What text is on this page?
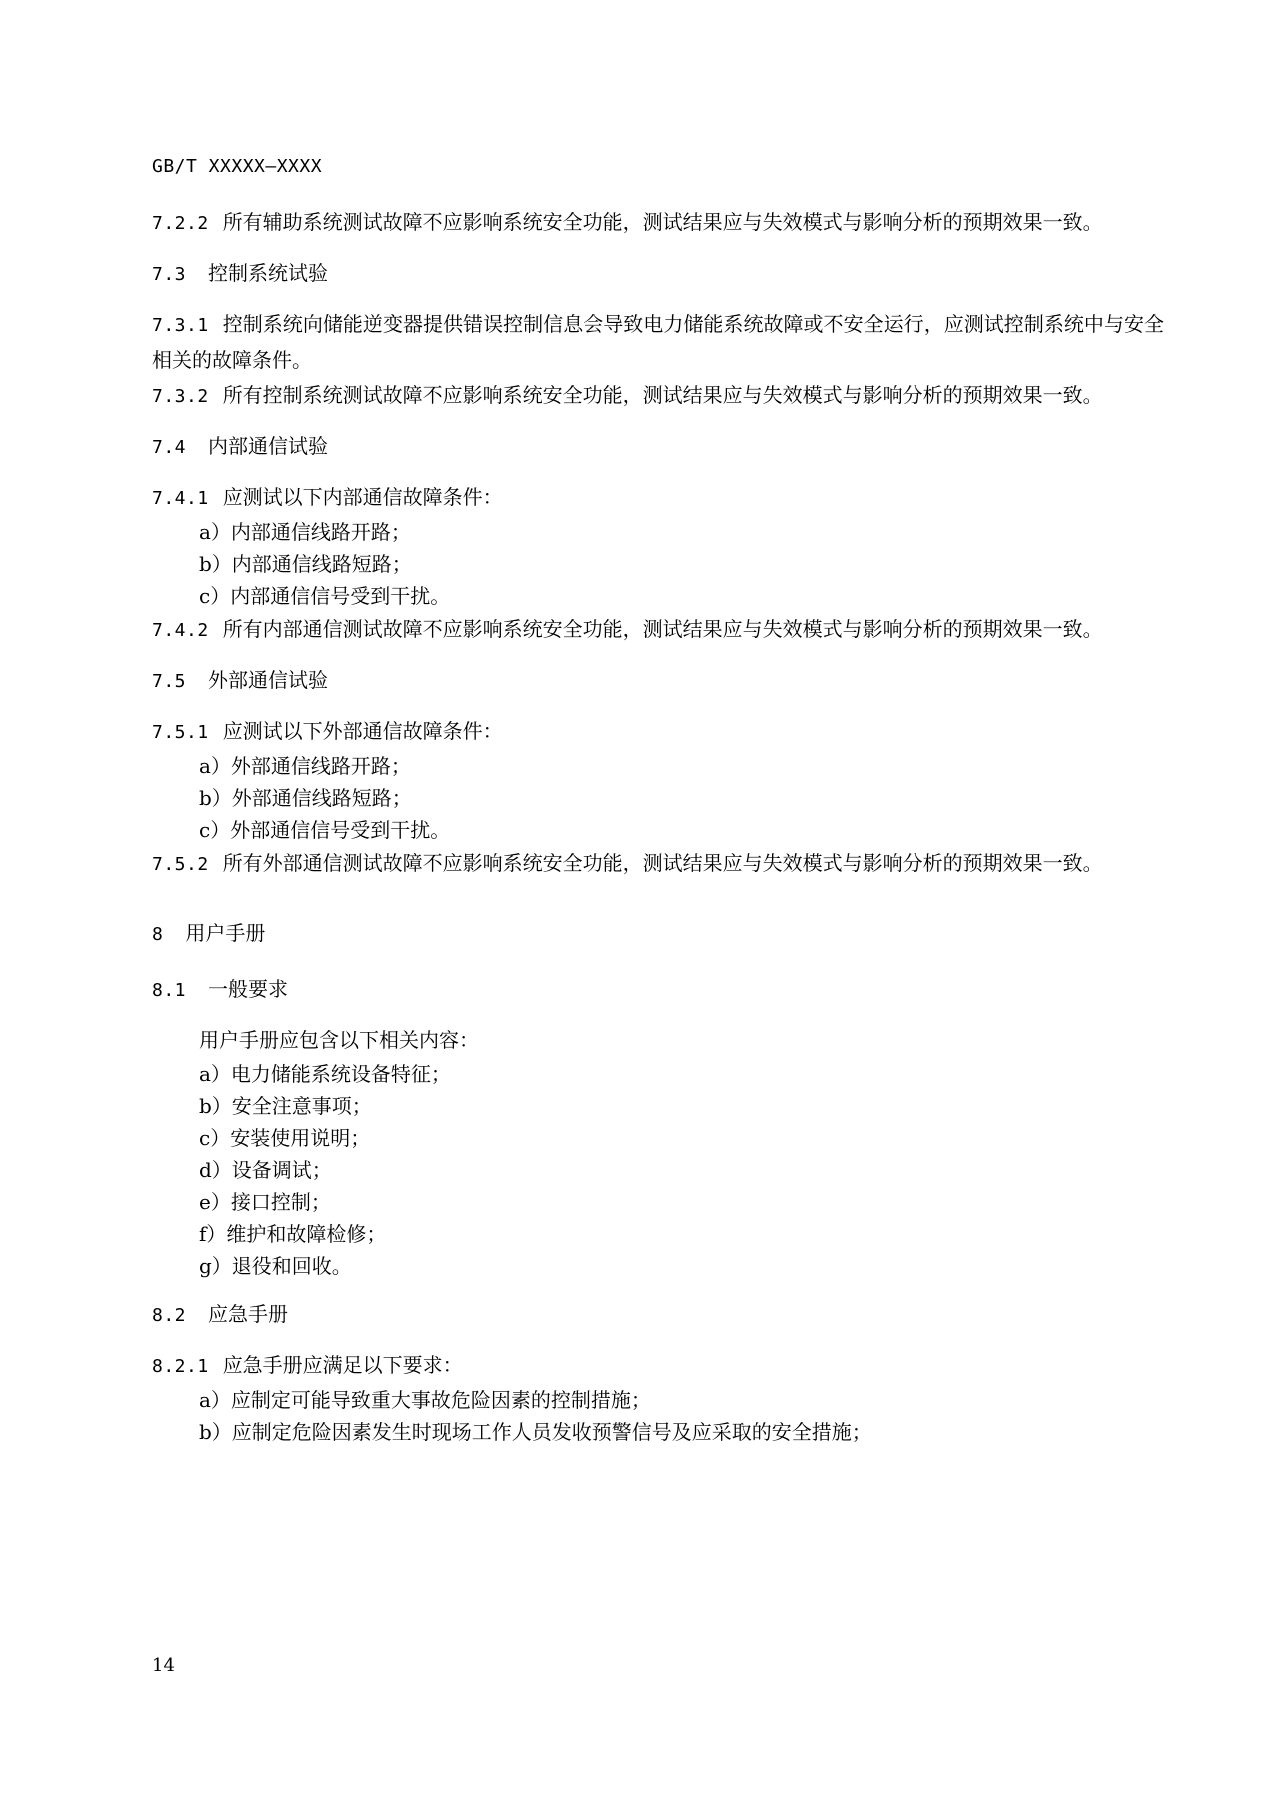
GB/T XXXXX—XXXX

7.2.2 所有辅助系统测试故障不应影响系统安全功能，测试结果应与失效模式与影响分析的预期效果一致。

7.3 控制系统试验

7.3.1 控制系统向储能逆变器提供错误控制信息会导致电力储能系统故障或不安全运行，应测试控制系统中与安全相关的故障条件。

7.3.2 所有控制系统测试故障不应影响系统安全功能，测试结果应与失效模式与影响分析的预期效果一致。

7.4 内部通信试验

7.4.1 应测试以下内部通信故障条件：

a）内部通信线路开路；
b）内部通信线路短路；
c）内部通信信号受到干扰。

7.4.2 所有内部通信测试故障不应影响系统安全功能，测试结果应与失效模式与影响分析的预期效果一致。

7.5 外部通信试验

7.5.1 应测试以下外部通信故障条件：

a）外部通信线路开路；
b）外部通信线路短路；
c）外部通信信号受到干扰。

7.5.2 所有外部通信测试故障不应影响系统安全功能，测试结果应与失效模式与影响分析的预期效果一致。

8 用户手册

8.1 一般要求

用户手册应包含以下相关内容：

a）电力储能系统设备特征；
b）安全注意事项；
c）安装使用说明；
d）设备调试；
e）接口控制；
f）维护和故障检修；
g）退役和回收。

8.2 应急手册

8.2.1 应急手册应满足以下要求：

a）应制定可能导致重大事故危险因素的控制措施；
b）应制定危险因素发生时现场工作人员发收预警信号及应采取的安全措施；
14
